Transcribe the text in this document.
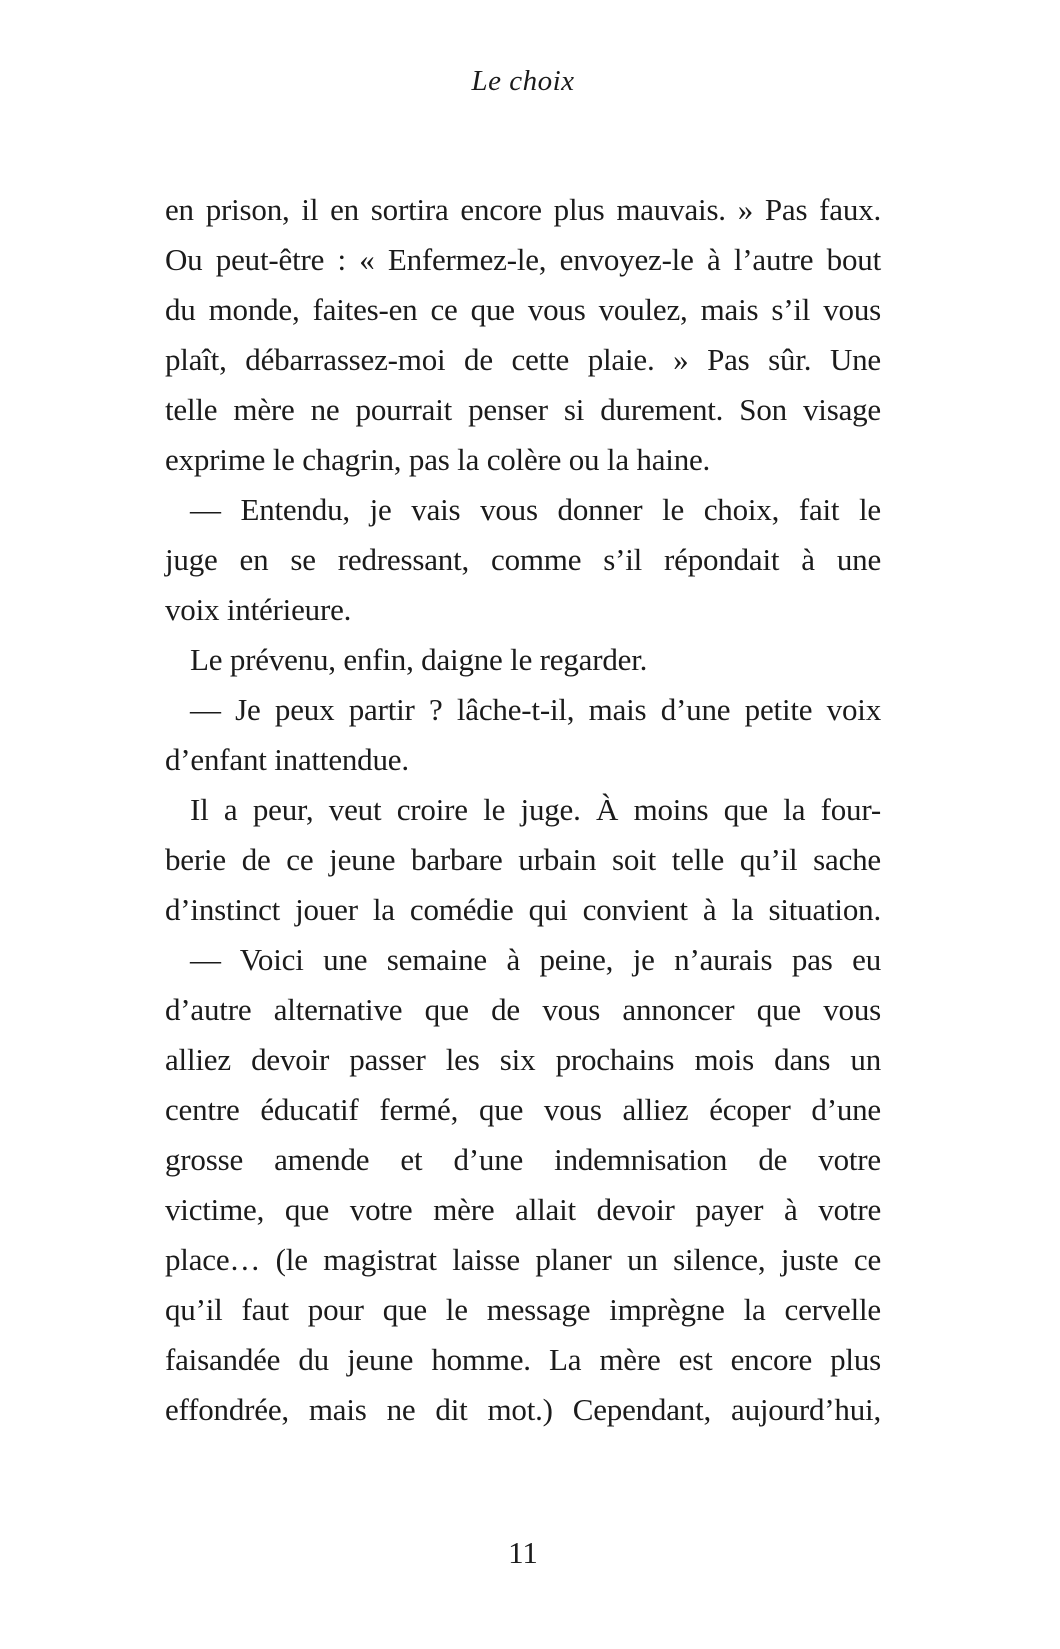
Le choix
en prison, il en sortira encore plus mauvais. » Pas faux.
Ou peut-être : « Enfermez-le, envoyez-le à l’autre bout
du monde, faites-en ce que vous voulez, mais s’il vous
plaît, débarrassez-moi de cette plaie. » Pas sûr. Une
telle mère ne pourrait penser si durement. Son visage
exprime le chagrin, pas la colère ou la haine.
— Entendu, je vais vous donner le choix, fait le
juge en se redressant, comme s’il répondait à une
voix intérieure.
Le prévenu, enfin, daigne le regarder.
— Je peux partir ? lâche-t-il, mais d’une petite voix
d’enfant inattendue.
Il a peur, veut croire le juge. À moins que la four-
berie de ce jeune barbare urbain soit telle qu’il sache
d’instinct jouer la comédie qui convient à la situation.
— Voici une semaine à peine, je n’aurais pas eu
d’autre alternative que de vous annoncer que vous
alliez devoir passer les six prochains mois dans un
centre éducatif fermé, que vous alliez écoper d’une
grosse amende et d’une indemnisation de votre
victime, que votre mère allait devoir payer à votre
place… (le magistrat laisse planer un silence, juste ce
qu’il faut pour que le message imprègne la cervelle
faisandée du jeune homme. La mère est encore plus
effondrée, mais ne dit mot.) Cependant, aujourd’hui,
11
